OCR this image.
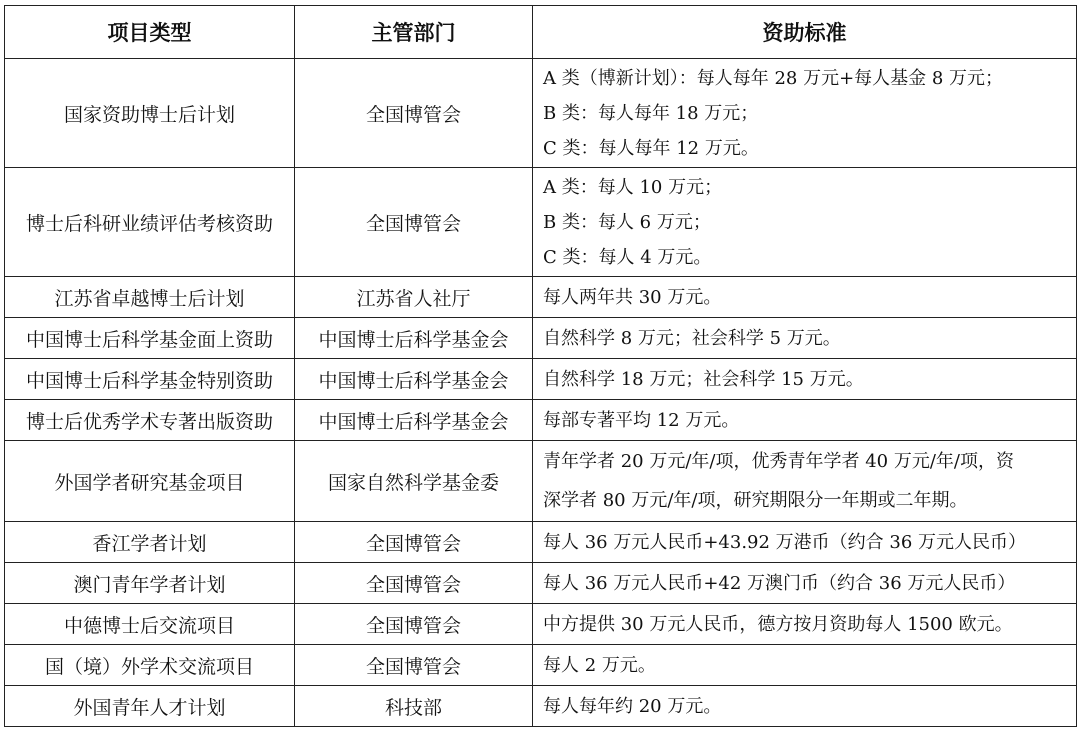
项目类型	主管部门	资助标准
国家资助博士后计划	全国博管会	A 类（博新计划）：每人每年 28 万元+每人基金 8 万元；
B 类：每人每年 18 万元；
C 类：每人每年 12 万元。

博士后科研业绩评估考核资助	全国博管会	A 类：每人 10 万元；
B 类：每人 6 万元；
C 类：每人 4 万元。

江苏省卓越博士后计划	江苏省人社厅	每人两年共 30 万元。

中国博士后科学基金面上资助	中国博士后科学基金会	自然科学 8 万元；社会科学 5 万元。

中国博士后科学基金特别资助	中国博士后科学基金会	自然科学 18 万元；社会科学 15 万元。

博士后优秀学术专著出版资助	中国博士后科学基金会	每部专著平均 12 万元。

外国学者研究基金项目	国家自然科学基金委	青年学者 20 万元/年/项，优秀青年学者 40 万元/年/项，资
深学者 80 万元/年/项，研究期限分一年期或二年期。

香江学者计划	全国博管会	每人 36 万元人民币+43.92 万港币（约合 36 万元人民币）

澳门青年学者计划	全国博管会	每人 36 万元人民币+42 万澳门币（约合 36 万元人民币）

中德博士后交流项目	全国博管会	中方提供 30 万元人民币，德方按月资助每人 1500 欧元。

国（境）外学术交流项目	全国博管会	每人 2 万元。

外国青年人才计划	科技部	每人每年约 20 万元。
